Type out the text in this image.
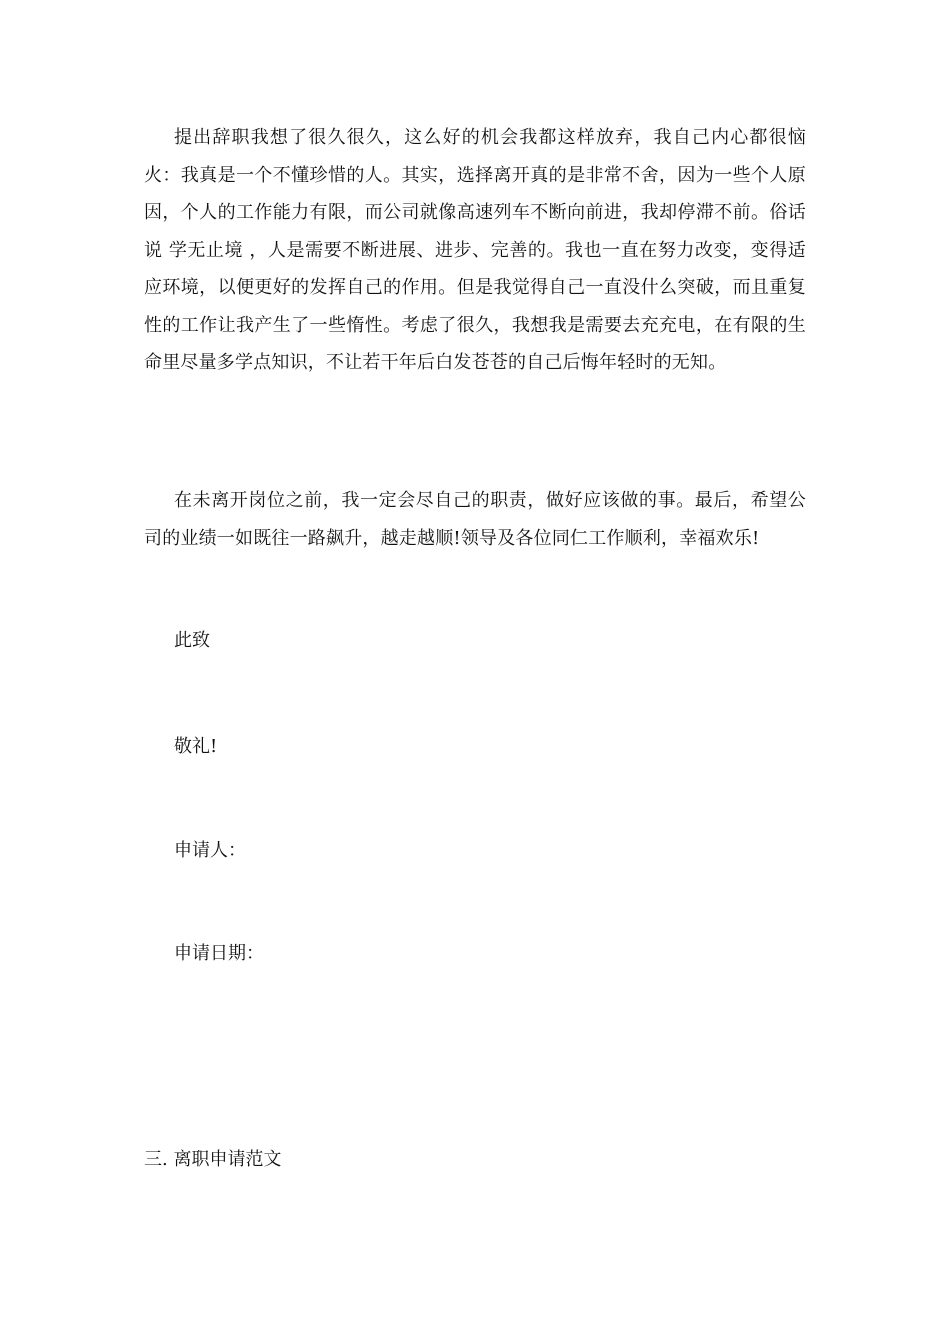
提出辞职我想了很久很久，这么好的机会我都这样放弃，我自己内心都很恼火：我真是一个不懂珍惜的人。其实，选择离开真的是非常不舍，因为一些个人原因，个人的工作能力有限，而公司就像高速列车不断向前进，我却停滞不前。俗话说 学无止境 ，人是需要不断进展、进步、完善的。我也一直在努力改变，变得适应环境，以便更好的发挥自己的作用。但是我觉得自己一直没什么突破，而且重复性的工作让我产生了一些惰性。考虑了很久，我想我是需要去充充电，在有限的生命里尽量多学点知识，不让若干年后白发苍苍的自己后悔年轻时的无知。

在未离开岗位之前，我一定会尽自己的职责，做好应该做的事。最后，希望公司的业绩一如既往一路飙升，越走越顺!领导及各位同仁工作顺利，幸福欢乐!

此致

敬礼!

申请人：

申请日期：

三. 离职申请范文
